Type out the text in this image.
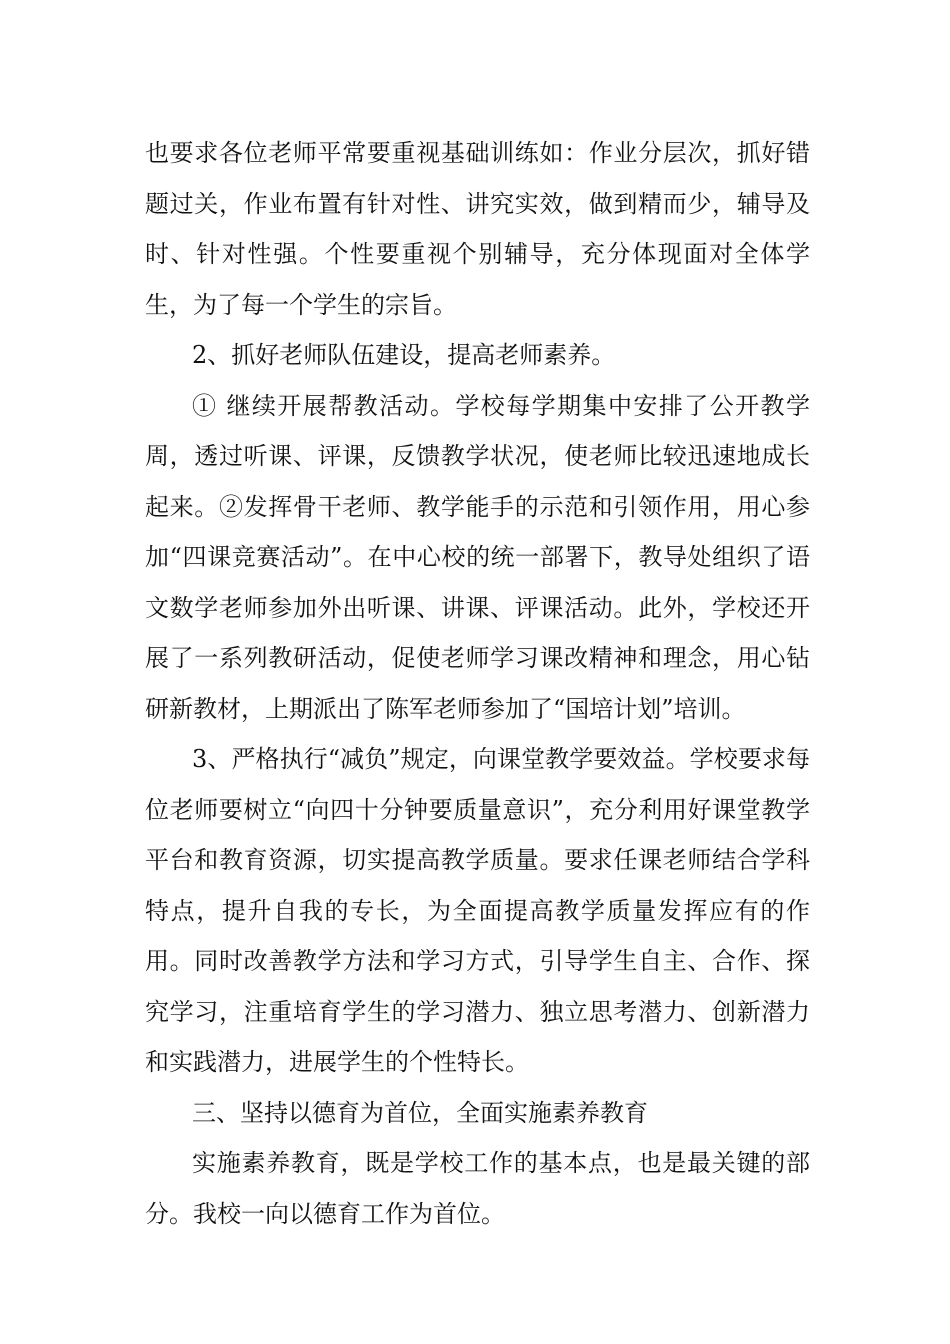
也要求各位老师平常要重视基础训练如：作业分层次，抓好错题过关，作业布置有针对性、讲究实效，做到精而少，辅导及时、针对性强。个性要重视个别辅导，充分体现面对全体学生，为了每一个学生的宗旨。

2、抓好老师队伍建设，提高老师素养。

① 继续开展帮教活动。学校每学期集中安排了公开教学周，透过听课、评课，反馈教学状况，使老师比较迅速地成长起来。②发挥骨干老师、教学能手的示范和引领作用，用心参加“四课竞赛活动”。在中心校的统一部署下，教导处组织了语文数学老师参加外出听课、讲课、评课活动。此外，学校还开展了一系列教研活动，促使老师学习课改精神和理念，用心钻研新教材，上期派出了陈军老师参加了“国培计划”培训。

3、严格执行“减负”规定，向课堂教学要效益。学校要求每位老师要树立“向四十分钟要质量意识”，充分利用好课堂教学平台和教育资源，切实提高教学质量。要求任课老师结合学科特点，提升自我的专长，为全面提高教学质量发挥应有的作用。同时改善教学方法和学习方式，引导学生自主、合作、探究学习，注重培育学生的学习潜力、独立思考潜力、创新潜力和实践潜力，进展学生的个性特长。

三、坚持以德育为首位，全面实施素养教育

实施素养教育，既是学校工作的基本点，也是最关键的部分。我校一向以德育工作为首位。
